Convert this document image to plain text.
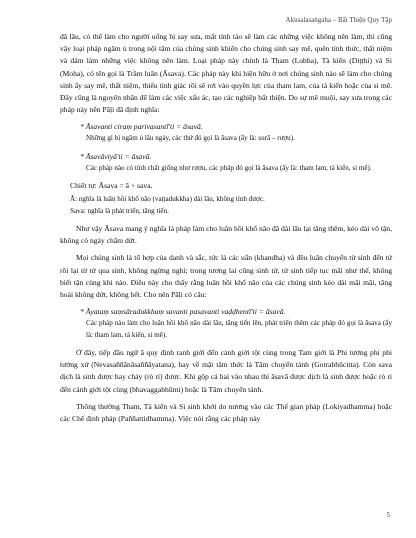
Akusalasaṅgaha – Bất Thiện Quy Tập

đã lâu, có thể làm cho người uống bị say sưa, mất tinh táo sẽ làm các những việc không nên làm, thì cũng vậy loại pháp ngâm ủ trong nội tâm của chúng sinh khiến cho chúng sinh say mê, quên tỉnh thức, thất niệm và dám làm những việc không nên làm. Loại pháp này chính là Tham (Lobha), Tà kiến (Diṭṭhi) và Si (Moha), có tên gọi là Trầm luân (Āsava). Các pháp này khi hiện hữu ở nơi chúng sinh nào sẽ làm cho chúng sinh ấy say mê, thất niệm, thiếu tỉnh giác rồi sẽ rơi vào quyền lực của tham lam, của tà kiến hoặc của si mê. Đây cũng là nguyên nhân để làm các việc xấu ác, tạo các nghiệp bất thiện. Do sự mê muội, say sưa trong các pháp này nên Pāḷi đã định nghĩa:

* Āsavanti ciraṃ parivasantī'ti = āsavā.
Những gì bị ngâm ủ lâu ngày, các thứ đó gọi là āsava (ấy là: surā – rượu).
* Āsavāviyā'ti = āsavā.
Các pháp nào có tính chất giống như rượu, các pháp đó gọi là āsava (ấy là: tham lam, tà kiến, si mê).
Chiết tự: Āsava = ā + sava.
Ā: nghĩa là luân hồi khổ não (vaṭṭadukkha) dài lâu, không tính được.
Sava: nghĩa là phát triển, tăng tiến.

Như vậy Āsava mang ý nghĩa là pháp làm cho luân hồi khổ não đã dài lâu lại tăng thêm, kéo dài vô tận, không có ngày chấm dứt.

Mọi chúng sinh là tổ hợp của danh và sắc, tức là các uẩn (khandha) và đều luân chuyển từ sinh đến tử rồi lại từ tử qua sinh, không ngừng nghỉ; trong tương lai cũng sinh tử, tử sinh tiếp tục mãi như thế, không biết tận cùng khi nào. Điều này cho thấy rằng luân hồi khổ não của các chúng sinh kéo dài mãi mãi, tăng hoài không dứt, không hết. Cho nên Pāḷi có câu:

* Āyataṃ saṃsāradukkhaṃ savanti pasavanti vaḍḍhentī'ti = āsavā.
Các pháp nào làm cho luân hồi khổ não dài lâu, tăng tiến lên, phát triển thêm các pháp đó gọi là āsava (ấy là: tham lam, tà kiến, si mê).

Ở đây, tiếp đầu ngữ ā quy định ranh giới đến cảnh giới tột cùng trong Tam giới là Phi tưởng phi phi tưởng xứ (Nevasaññānāsaññāyatana), hay về mặt tâm thức là Tâm chuyển tánh (Gotrabhūcitta). Còn sava dịch là sinh được hay chảy (rò rỉ) được. Khi gộp cả hai vào nhau thì āsavā được dịch là sinh được hoặc rò rỉ đến cảnh giới tột cùng (bhavaggabhūmi) hoặc là Tâm chuyển tánh.

Thông thường Tham, Tà kiến và Si sinh khởi do nương vào các Thế gian pháp (Lokiyadhamma) hoặc các Chế định pháp (Paññattidhamma). Việc nói rằng các pháp này

5
